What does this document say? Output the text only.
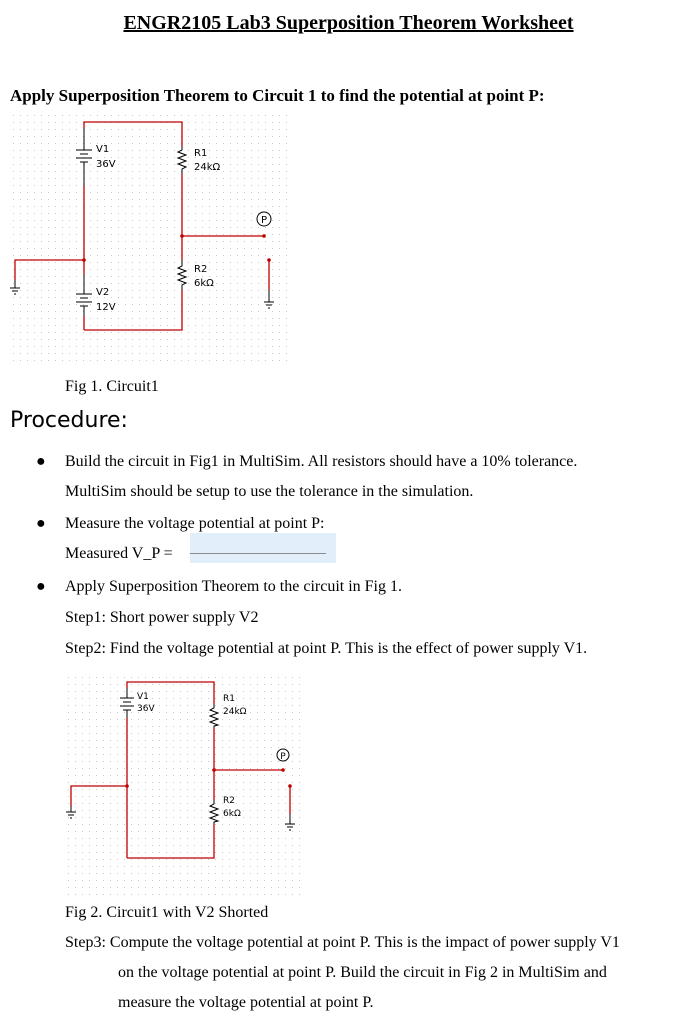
ENGR2105 Lab3 Superposition Theorem Worksheet
Apply Superposition Theorem to Circuit 1 to find the potential at point P:
P
V1
36V
R1
24kΩ
R2
6kΩ
V2
12V
Fig 1. Circuit1
Procedure:
● Build the circuit in Fig1 in MultiSim. All resistors should have a 10% tolerance.
MultiSim should be setup to use the tolerance in the simulation.
● Measure the voltage potential at point P:
Measured V_P =
_________________
● Apply Superposition Theorem to the circuit in Fig 1.
Step1: Short power supply V2
Step2: Find the voltage potential at point P. This is the effect of power supply V1.
P
V1
36V
R1
24kΩ
R2
6kΩ
Fig 2. Circuit1 with V2 Shorted
Step3: Compute the voltage potential at point P. This is the impact of power supply V1
on the voltage potential at point P. Build the circuit in Fig 2 in MultiSim and
measure the voltage potential at point P.
